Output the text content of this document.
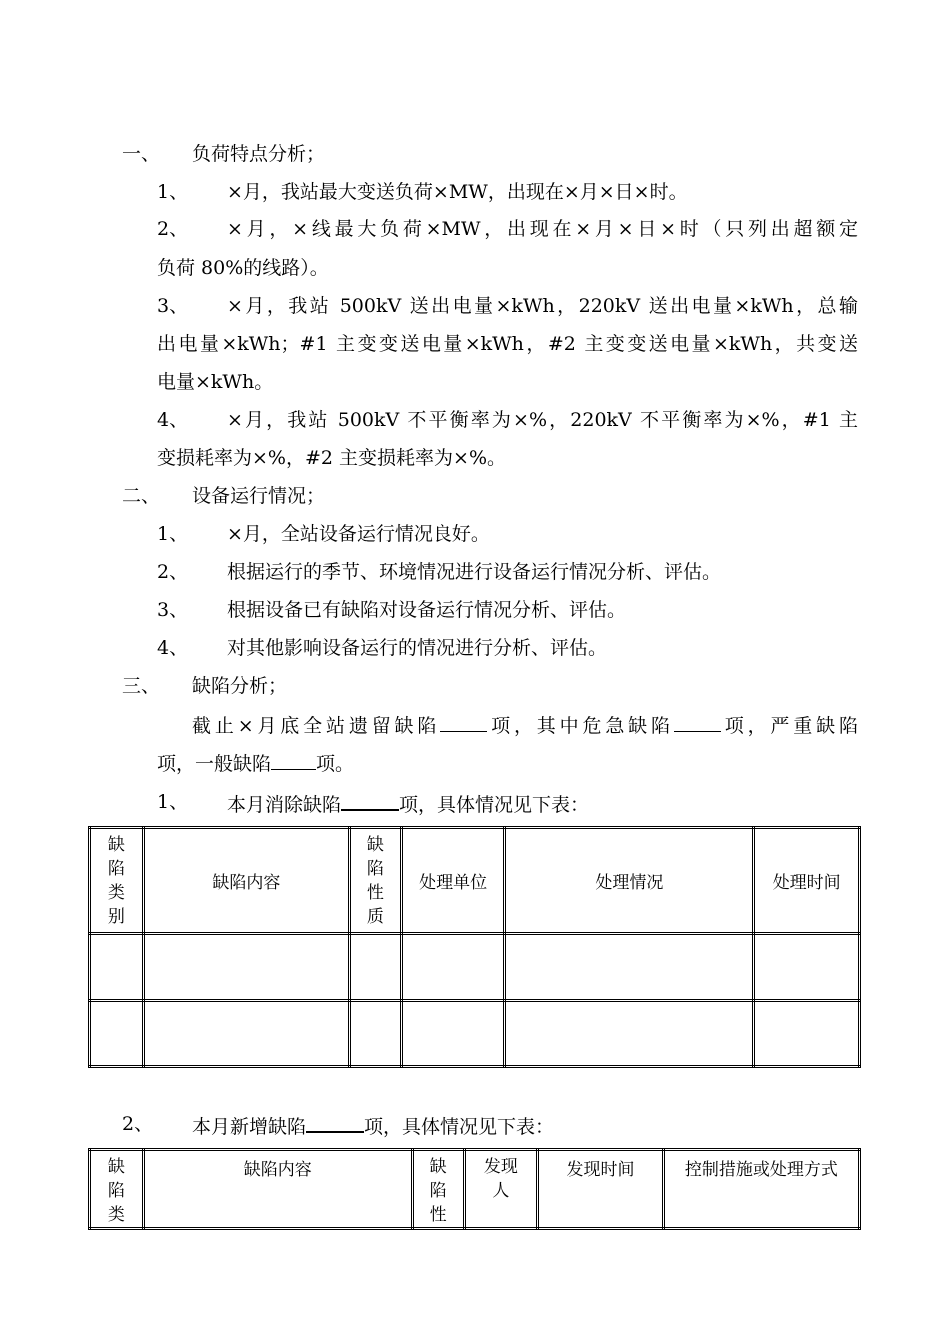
一、 负荷特点分析；
1、 ×月，我站最大变送负荷×MW，出现在×月×日×时。
2、 ×月，×线最大负荷×MW，出现在×月×日×时（只列出超额定
负荷 80%的线路）。
3、 ×月，我站 500kV 送出电量×kWh，220kV 送出电量×kWh，总输
出电量×kWh；#1 主变变送电量×kWh，#2 主变变送电量×kWh，共变送
电量×kWh。
4、 ×月，我站 500kV 不平衡率为×%，220kV 不平衡率为×%，#1 主
变损耗率为×%，#2 主变损耗率为×%。
二、 设备运行情况；
1、 ×月，全站设备运行情况良好。
2、 根据运行的季节、环境情况进行设备运行情况分析、评估。
3、 根据设备已有缺陷对设备运行情况分析、评估。
4、 对其他影响设备运行的情况进行分析、评估。
三、 缺陷分析；
截止×月底全站遗留缺陷 项，其中危急缺陷 项，严重缺陷
项，一般缺陷 项。
1、 本月消除缺陷	项，具体情况见下表：
缺
陷
类
别	缺陷内容	缺
陷
性
质	处理单位	处理情况	处理时间

2、 本月新增缺陷	项，具体情况见下表：
缺
陷
类	缺陷内容	缺
陷
性	发现
人	发现时间	控制措施或处理方式
